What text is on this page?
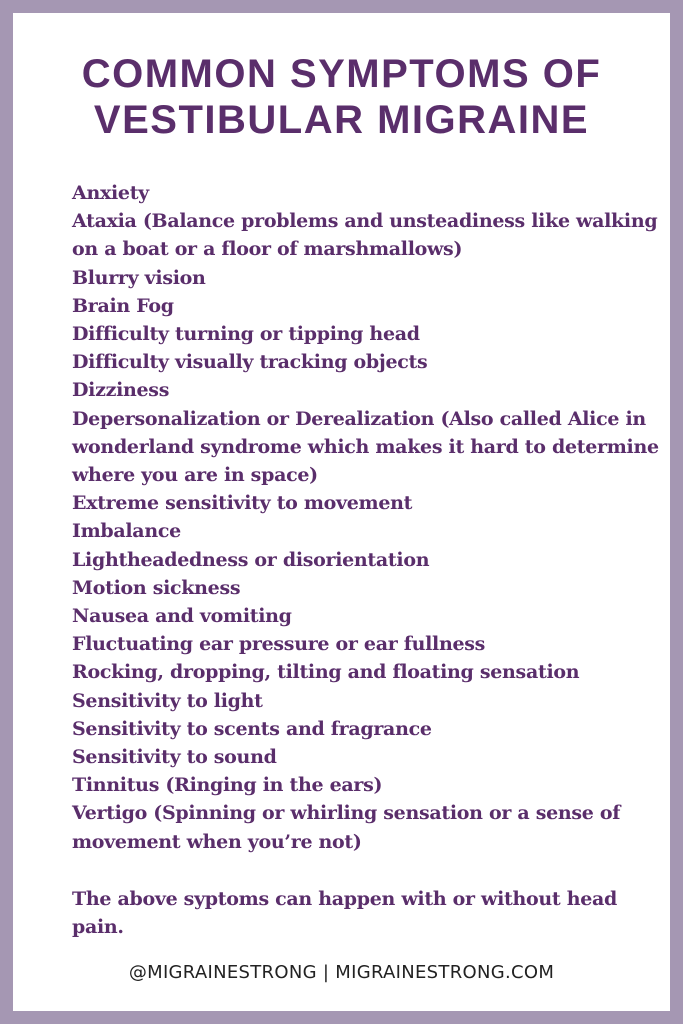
COMMON SYMPTOMS OF
VESTIBULAR MIGRAINE
Anxiety
Ataxia (Balance problems and unsteadiness like walking on a boat or a floor of marshmallows)
Blurry vision
Brain Fog
Difficulty turning or tipping head
Difficulty visually tracking objects
Dizziness
Depersonalization or Derealization (Also called Alice in wonderland syndrome which makes it hard to determine where you are in space)
Extreme sensitivity to movement
Imbalance
Lightheadedness or disorientation
Motion sickness
Nausea and vomiting
Fluctuating ear pressure or ear fullness
Rocking, dropping, tilting and floating sensation
Sensitivity to light
Sensitivity to scents and fragrance
Sensitivity to sound
Tinnitus (Ringing in the ears)
Vertigo (Spinning or whirling sensation or a sense of movement when you’re not)

The above syptoms can happen with or without head pain.

@MIGRAINESTRONG | MIGRAINESTRONG.COM
